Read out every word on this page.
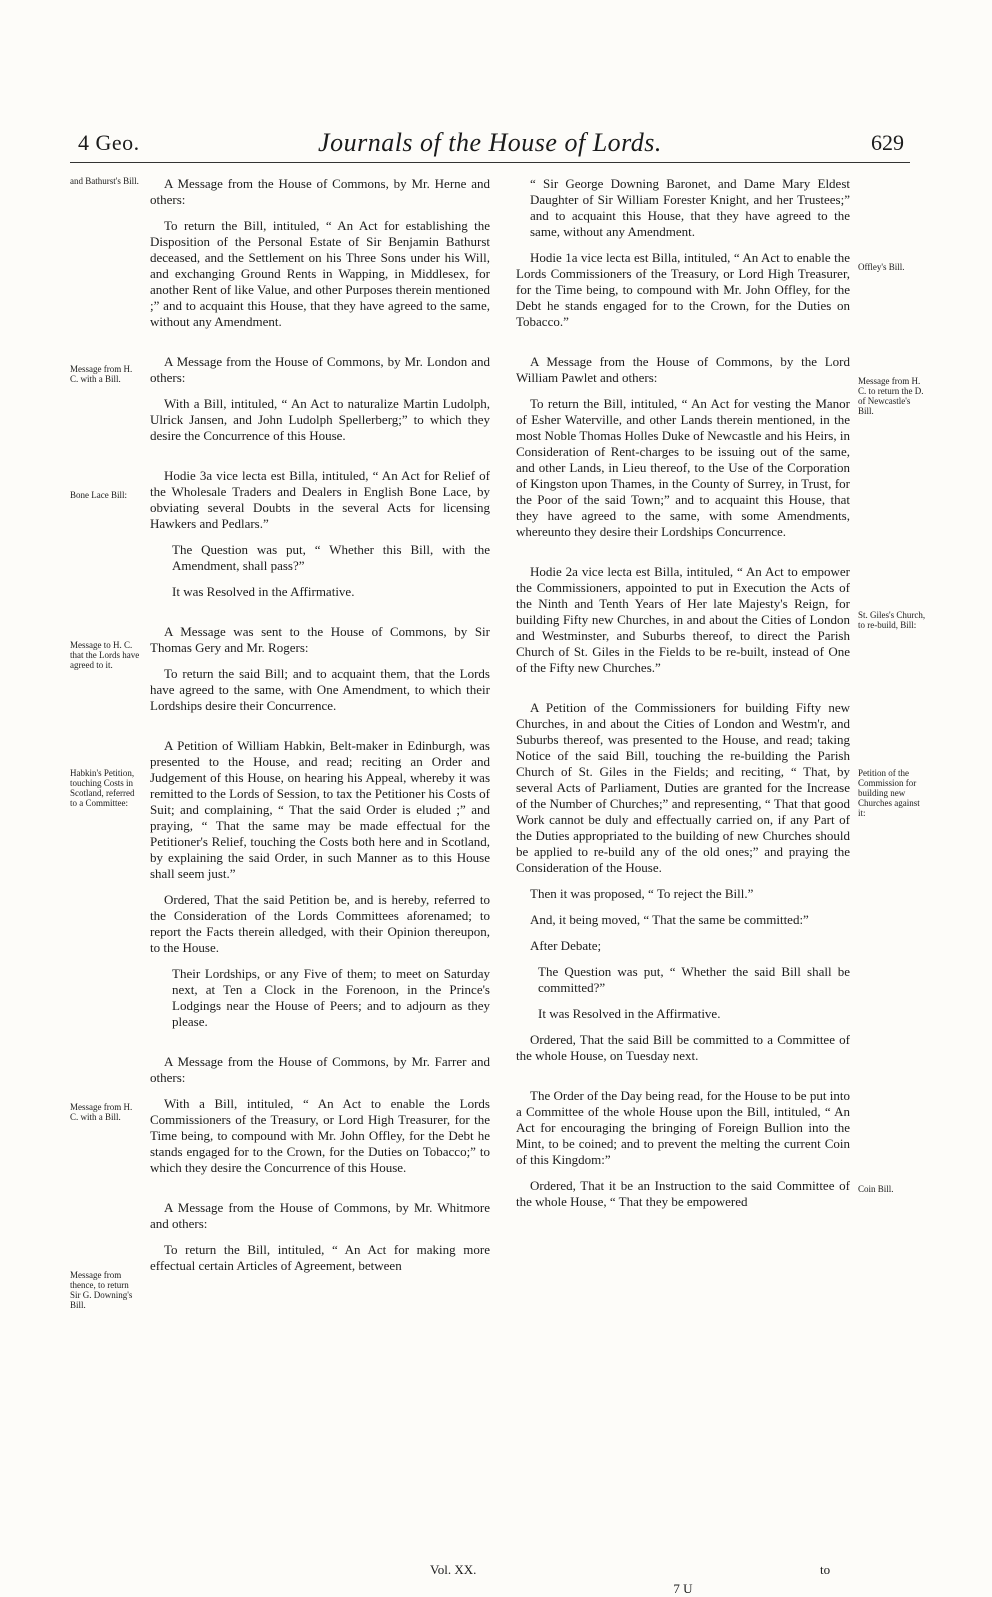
4 Geo.	Journals of the House of Lords.	629
and Bathurst's Bill.
Message from H. C. with a Bill.
Bone Lace Bill:
Message to H. C. that the Lords have agreed to it.
Habkin's Petition, touching Costs in Scotland, referred to a Committee:
Message from H. C. with a Bill.
Message from thence, to return Sir G. Downing's Bill.
Offley's Bill.
Message from H. C. to return the D. of Newcastle's Bill.
St. Giles's Church, to re-build, Bill:
Petition of the Commission for building new Churches against it:
Coin Bill.

A Message from the House of Commons, by Mr. Herne and others:

To return the Bill, intituled, “ An Act for establishing the Disposition of the Personal Estate of Sir Benjamin Bathurst deceased, and the Settlement on his Three Sons under his Will, and exchanging Ground Rents in Wapping, in Middlesex, for another Rent of like Value, and other Purposes therein mentioned ;” and to acquaint this House, that they have agreed to the same, without any Amendment.

A Message from the House of Commons, by Mr. London and others:

With a Bill, intituled, “ An Act to naturalize Martin Ludolph, Ulrick Jansen, and John Ludolph Spellerberg;” to which they desire the Concurrence of this House.

Hodie 3a vice lecta est Billa, intituled, “ An Act for Relief of the Wholesale Traders and Dealers in English Bone Lace, by obviating several Doubts in the several Acts for licensing Hawkers and Pedlars.”

The Question was put, “ Whether this Bill, with the Amendment, shall pass?”

It was Resolved in the Affirmative.

A Message was sent to the House of Commons, by Sir Thomas Gery and Mr. Rogers:

To return the said Bill; and to acquaint them, that the Lords have agreed to the same, with One Amendment, to which their Lordships desire their Concurrence.

A Petition of William Habkin, Belt-maker in Edinburgh, was presented to the House, and read; reciting an Order and Judgement of this House, on hearing his Appeal, whereby it was remitted to the Lords of Session, to tax the Petitioner his Costs of Suit; and complaining, “ That the said Order is eluded ;” and praying, “ That the same may be made effectual for the Petitioner's Relief, touching the Costs both here and in Scotland, by explaining the said Order, in such Manner as to this House shall seem just.”

Ordered, That the said Petition be, and is hereby, referred to the Consideration of the Lords Committees aforenamed; to report the Facts therein alledged, with their Opinion thereupon, to the House.

Their Lordships, or any Five of them; to meet on Saturday next, at Ten a Clock in the Forenoon, in the Prince's Lodgings near the House of Peers; and to adjourn as they please.

A Message from the House of Commons, by Mr. Farrer and others:

With a Bill, intituled, “ An Act to enable the Lords Commissioners of the Treasury, or Lord High Treasurer, for the Time being, to compound with Mr. John Offley, for the Debt he stands engaged for to the Crown, for the Duties on Tobacco;” to which they desire the Concurrence of this House.

A Message from the House of Commons, by Mr. Whitmore and others:

To return the Bill, intituled, “ An Act for making more effectual certain Articles of Agreement, between

“ Sir George Downing Baronet, and Dame Mary Eldest Daughter of Sir William Forester Knight, and her Trustees;” and to acquaint this House, that they have agreed to the same, without any Amendment.

Hodie 1a vice lecta est Billa, intituled, “ An Act to enable the Lords Commissioners of the Treasury, or Lord High Treasurer, for the Time being, to compound with Mr. John Offley, for the Debt he stands engaged for to the Crown, for the Duties on Tobacco.”

A Message from the House of Commons, by the Lord William Pawlet and others:

To return the Bill, intituled, “ An Act for vesting the Manor of Esher Waterville, and other Lands therein mentioned, in the most Noble Thomas Holles Duke of Newcastle and his Heirs, in Consideration of Rent-charges to be issuing out of the same, and other Lands, in Lieu thereof, to the Use of the Corporation of Kingston upon Thames, in the County of Surrey, in Trust, for the Poor of the said Town;” and to acquaint this House, that they have agreed to the same, with some Amendments, whereunto they desire their Lordships Concurrence.

Hodie 2a vice lecta est Billa, intituled, “ An Act to empower the Commissioners, appointed to put in Execution the Acts of the Ninth and Tenth Years of Her late Majesty's Reign, for building Fifty new Churches, in and about the Cities of London and Westminster, and Suburbs thereof, to direct the Parish Church of St. Giles in the Fields to be re-built, instead of One of the Fifty new Churches.”

A Petition of the Commissioners for building Fifty new Churches, in and about the Cities of London and Westm'r, and Suburbs thereof, was presented to the House, and read; taking Notice of the said Bill, touching the re-building the Parish Church of St. Giles in the Fields; and reciting, “ That, by several Acts of Parliament, Duties are granted for the Increase of the Number of Churches;” and representing, “ That that good Work cannot be duly and effectually carried on, if any Part of the Duties appropriated to the building of new Churches should be applied to re-build any of the old ones;” and praying the Consideration of the House.

Then it was proposed, “ To reject the Bill.”

And, it being moved, “ That the same be committed:”

After Debate;

The Question was put, “ Whether the said Bill shall be committed?”

It was Resolved in the Affirmative.

Ordered, That the said Bill be committed to a Committee of the whole House, on Tuesday next.

The Order of the Day being read, for the House to be put into a Committee of the whole House upon the Bill, intituled, “ An Act for encouraging the bringing of Foreign Bullion into the Mint, to be coined; and to prevent the melting the current Coin of this Kingdom:”

Ordered, That it be an Instruction to the said Committee of the whole House, “ That they be empowered

Vol. XX.
7 U
to
